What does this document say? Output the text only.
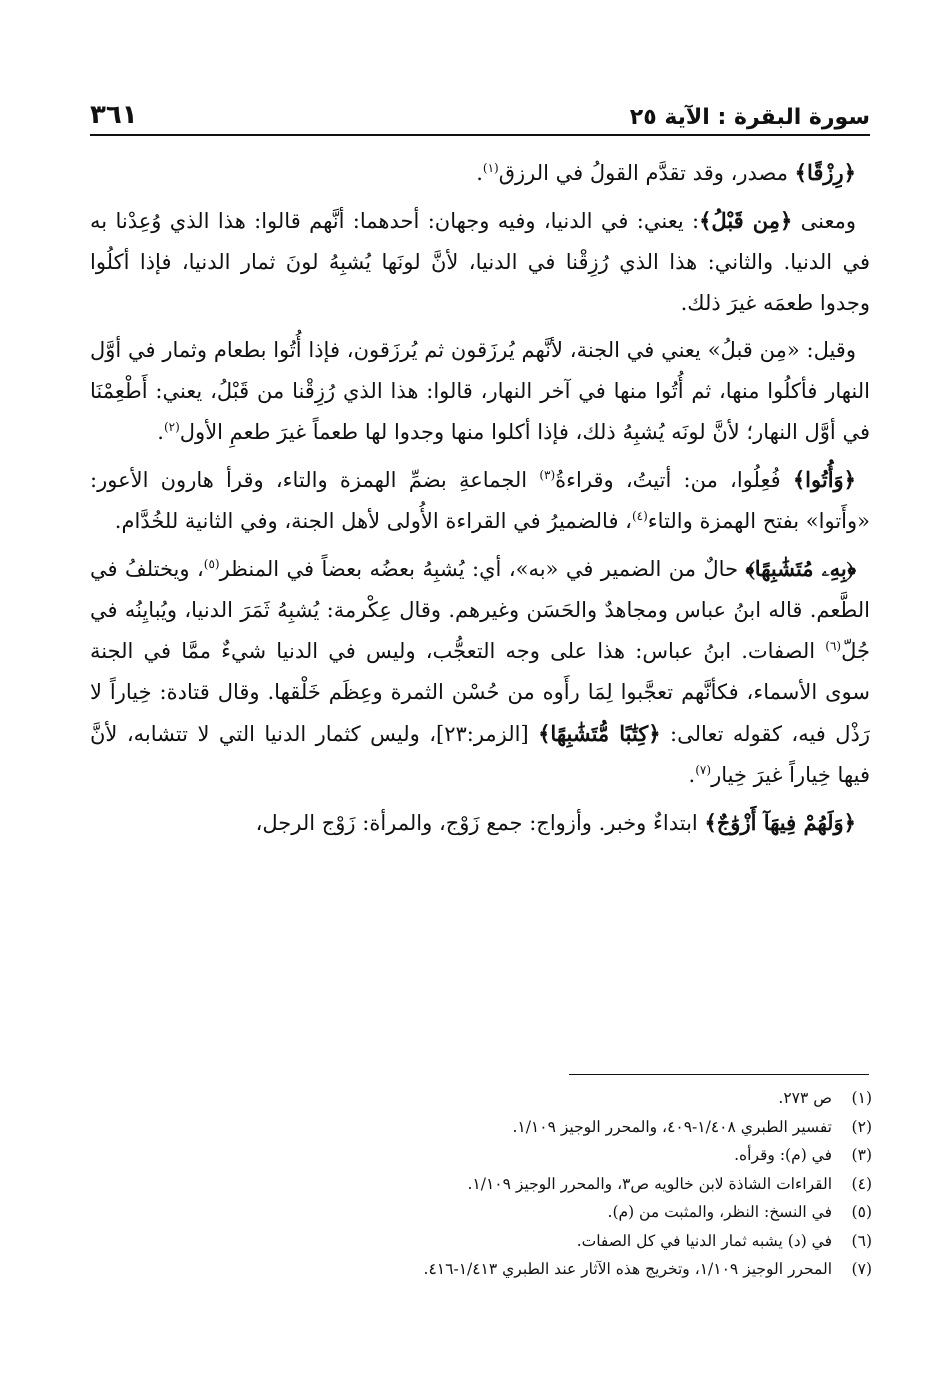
سورة البقرة : الآية ٢٥
٣٦١

﴿رِزْقًا﴾ مصدر، وقد تقدَّم القولُ في الرزق$^{(١)}$.

ومعنى ﴿مِن قَبْلُ﴾: يعني: في الدنيا، وفيه وجهان: أحدهما: أنَّهم قالوا: هذا الذي وُعِدْنا به في الدنيا. والثاني: هذا الذي رُزِقْنا في الدنيا، لأنَّ لونَها يُشبِهُ لونَ ثمار الدنيا، فإذا أكلُوا وجدوا طعمَه غيرَ ذلك.

وقيل: «مِن قبلُ» يعني في الجنة، لأنَّهم يُرزَقون ثم يُرزَقون، فإذا أُتُوا بطعام وثمار في أوَّل النهار فأكلُوا منها، ثم أُتُوا منها في آخر النهار، قالوا: هذا الذي رُزِقْنا من قَبْلُ، يعني: أَطْعِمْنَا في أوَّل النهار؛ لأنَّ لونَه يُشبِهُ ذلك، فإذا أكلوا منها وجدوا لها طعماً غيرَ طعمِ الأول$^{(٢)}$.

﴿وَأُتُوا﴾ فُعِلُوا، من: أتيتُ، وقراءةُ$^{(٣)}$ الجماعةِ بضمِّ الهمزة والتاء، وقرأ هارون الأعور: «وأَتوا» بفتح الهمزة والتاء$^{(٤)}$، فالضميرُ في القراءة الأُولى لأهل الجنة، وفي الثانية للخُدَّام.

﴿بِهِۦ مُتَشَٰبِهًا﴾ حالٌ من الضمير في «به»، أي: يُشبِهُ بعضُه بعضاً في المنظر$^{(٥)}$، ويختلفُ في الطَّعم. قاله ابنُ عباس ومجاهدٌ والحَسَن وغيرهم. وقال عِكْرمة: يُشبِهُ ثَمَرَ الدنيا، ويُبايِنُه في جُلّ$^{(٦)}$ الصفات. ابنُ عباس: هذا على وجه التعجُّب، وليس في الدنيا شيءٌ ممَّا في الجنة سوى الأسماء، فكأنَّهم تعجَّبوا لِمَا رأَوه من حُسْن الثمرة وعِظَم خَلْقها. وقال قتادة: خِياراً لا رَذْل فيه، كقوله تعالى: ﴿كِتَٰبًا مُّتَشَٰبِهًا﴾ [الزمر:٢٣]، وليس كثمار الدنيا التي لا تتشابه، لأنَّ فيها خِياراً غيرَ خِيار$^{(٧)}$.

﴿وَلَهُمْ فِيهَآ أَزْوَٰجٌ﴾ ابتداءٌ وخبر. وأزواج: جمع زَوْج، والمرأة: زَوْج الرجل،

(١)
ص ٢٧٣.
(٢)
تفسير الطبري ١/٤٠٨-٤٠٩، والمحرر الوجيز ١/١٠٩.
(٣)
في (م): وقرأه.
(٤)
القراءات الشاذة لابن خالويه ص٣، والمحرر الوجيز ١/١٠٩.
(٥)
في النسخ: النظر، والمثبت من (م).
(٦)
في (د) يشبه ثمار الدنيا في كل الصفات.
(٧)
المحرر الوجيز ١/١٠٩، وتخريج هذه الآثار عند الطبري ١/٤١٣-٤١٦.
